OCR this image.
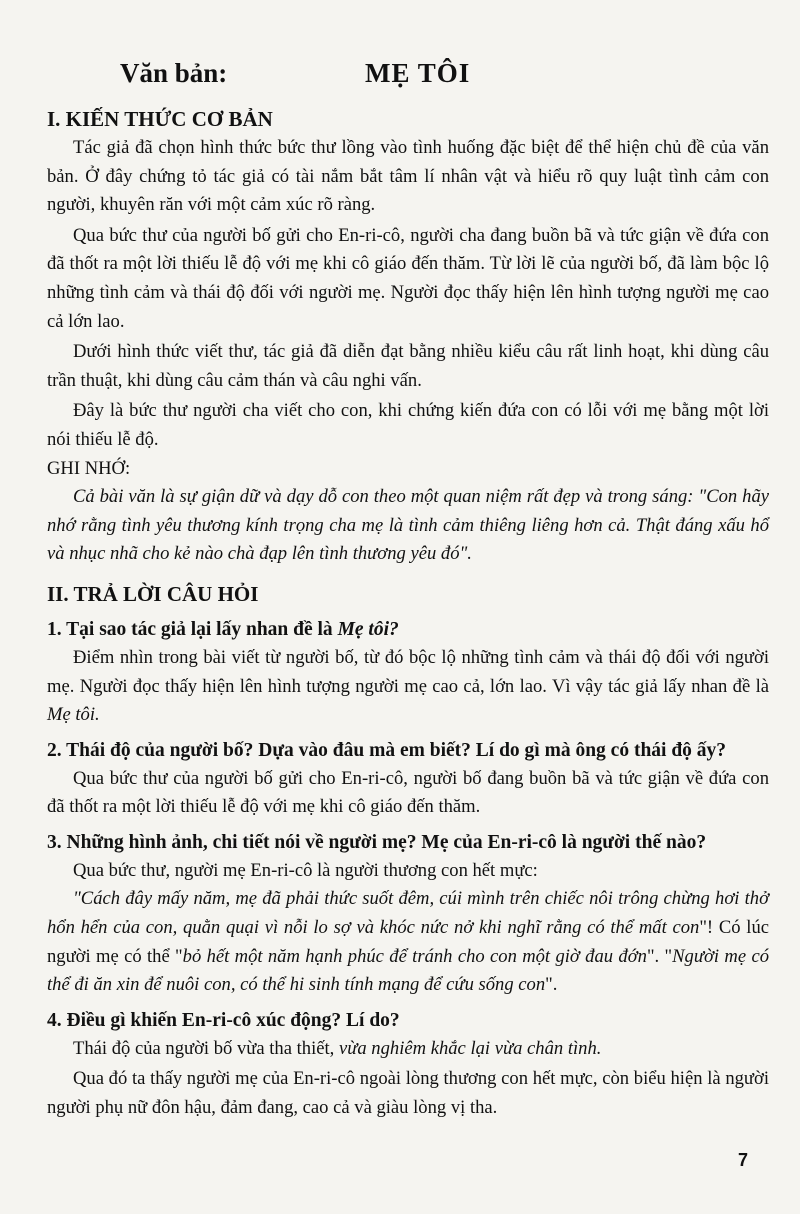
Văn bản:	MẸ TÔI
I. KIẾN THỨC CƠ BẢN

Tác giả đã chọn hình thức bức thư lồng vào tình huống đặc biệt để thể hiện chủ đề của văn bản. Ở đây chứng tỏ tác giả có tài nắm bắt tâm lí nhân vật và hiểu rõ quy luật tình cảm con người, khuyên răn với một cảm xúc rõ ràng.

Qua bức thư của người bố gửi cho En-ri-cô, người cha đang buồn bã và tức giận về đứa con đã thốt ra một lời thiếu lễ độ với mẹ khi cô giáo đến thăm. Từ lời lẽ của người bố, đã làm bộc lộ những tình cảm và thái độ đối với người mẹ. Người đọc thấy hiện lên hình tượng người mẹ cao cả lớn lao.

Dưới hình thức viết thư, tác giả đã diễn đạt bằng nhiều kiểu câu rất linh hoạt, khi dùng câu trần thuật, khi dùng câu cảm thán và câu nghi vấn.

Đây là bức thư người cha viết cho con, khi chứng kiến đứa con có lỗi với mẹ bằng một lời nói thiếu lễ độ.

GHI NHỚ:

Cả bài văn là sự giận dữ và dạy dỗ con theo một quan niệm rất đẹp và trong sáng: "Con hãy nhớ rằng tình yêu thương kính trọng cha mẹ là tình cảm thiêng liêng hơn cả. Thật đáng xấu hổ và nhục nhã cho kẻ nào chà đạp lên tình thương yêu đó".

II. TRẢ LỜI CÂU HỎI

1. Tại sao tác giả lại lấy nhan đề là Mẹ tôi?

Điểm nhìn trong bài viết từ người bố, từ đó bộc lộ những tình cảm và thái độ đối với người mẹ. Người đọc thấy hiện lên hình tượng người mẹ cao cả, lớn lao. Vì vậy tác giả lấy nhan đề là Mẹ tôi.

2. Thái độ của người bố? Dựa vào đâu mà em biết? Lí do gì mà ông có thái độ ấy?

Qua bức thư của người bố gửi cho En-ri-cô, người bố đang buồn bã và tức giận về đứa con đã thốt ra một lời thiếu lễ độ với mẹ khi cô giáo đến thăm.

3. Những hình ảnh, chi tiết nói về người mẹ? Mẹ của En-ri-cô là người thế nào?

Qua bức thư, người mẹ En-ri-cô là người thương con hết mực:

"Cách đây mấy năm, mẹ đã phải thức suốt đêm, cúi mình trên chiếc nôi trông chừng hơi thở hổn hển của con, quằn quại vì nỗi lo sợ và khóc nức nở khi nghĩ rằng có thể mất con"! Có lúc người mẹ có thể "bỏ hết một năm hạnh phúc để tránh cho con một giờ đau đớn". "Người mẹ có thể đi ăn xin để nuôi con, có thể hi sinh tính mạng để cứu sống con".

4. Điều gì khiến En-ri-cô xúc động? Lí do?

Thái độ của người bố vừa tha thiết, vừa nghiêm khắc lại vừa chân tình.

Qua đó ta thấy người mẹ của En-ri-cô ngoài lòng thương con hết mực, còn biểu hiện là người người phụ nữ đôn hậu, đảm đang, cao cả và giàu lòng vị tha.

7
